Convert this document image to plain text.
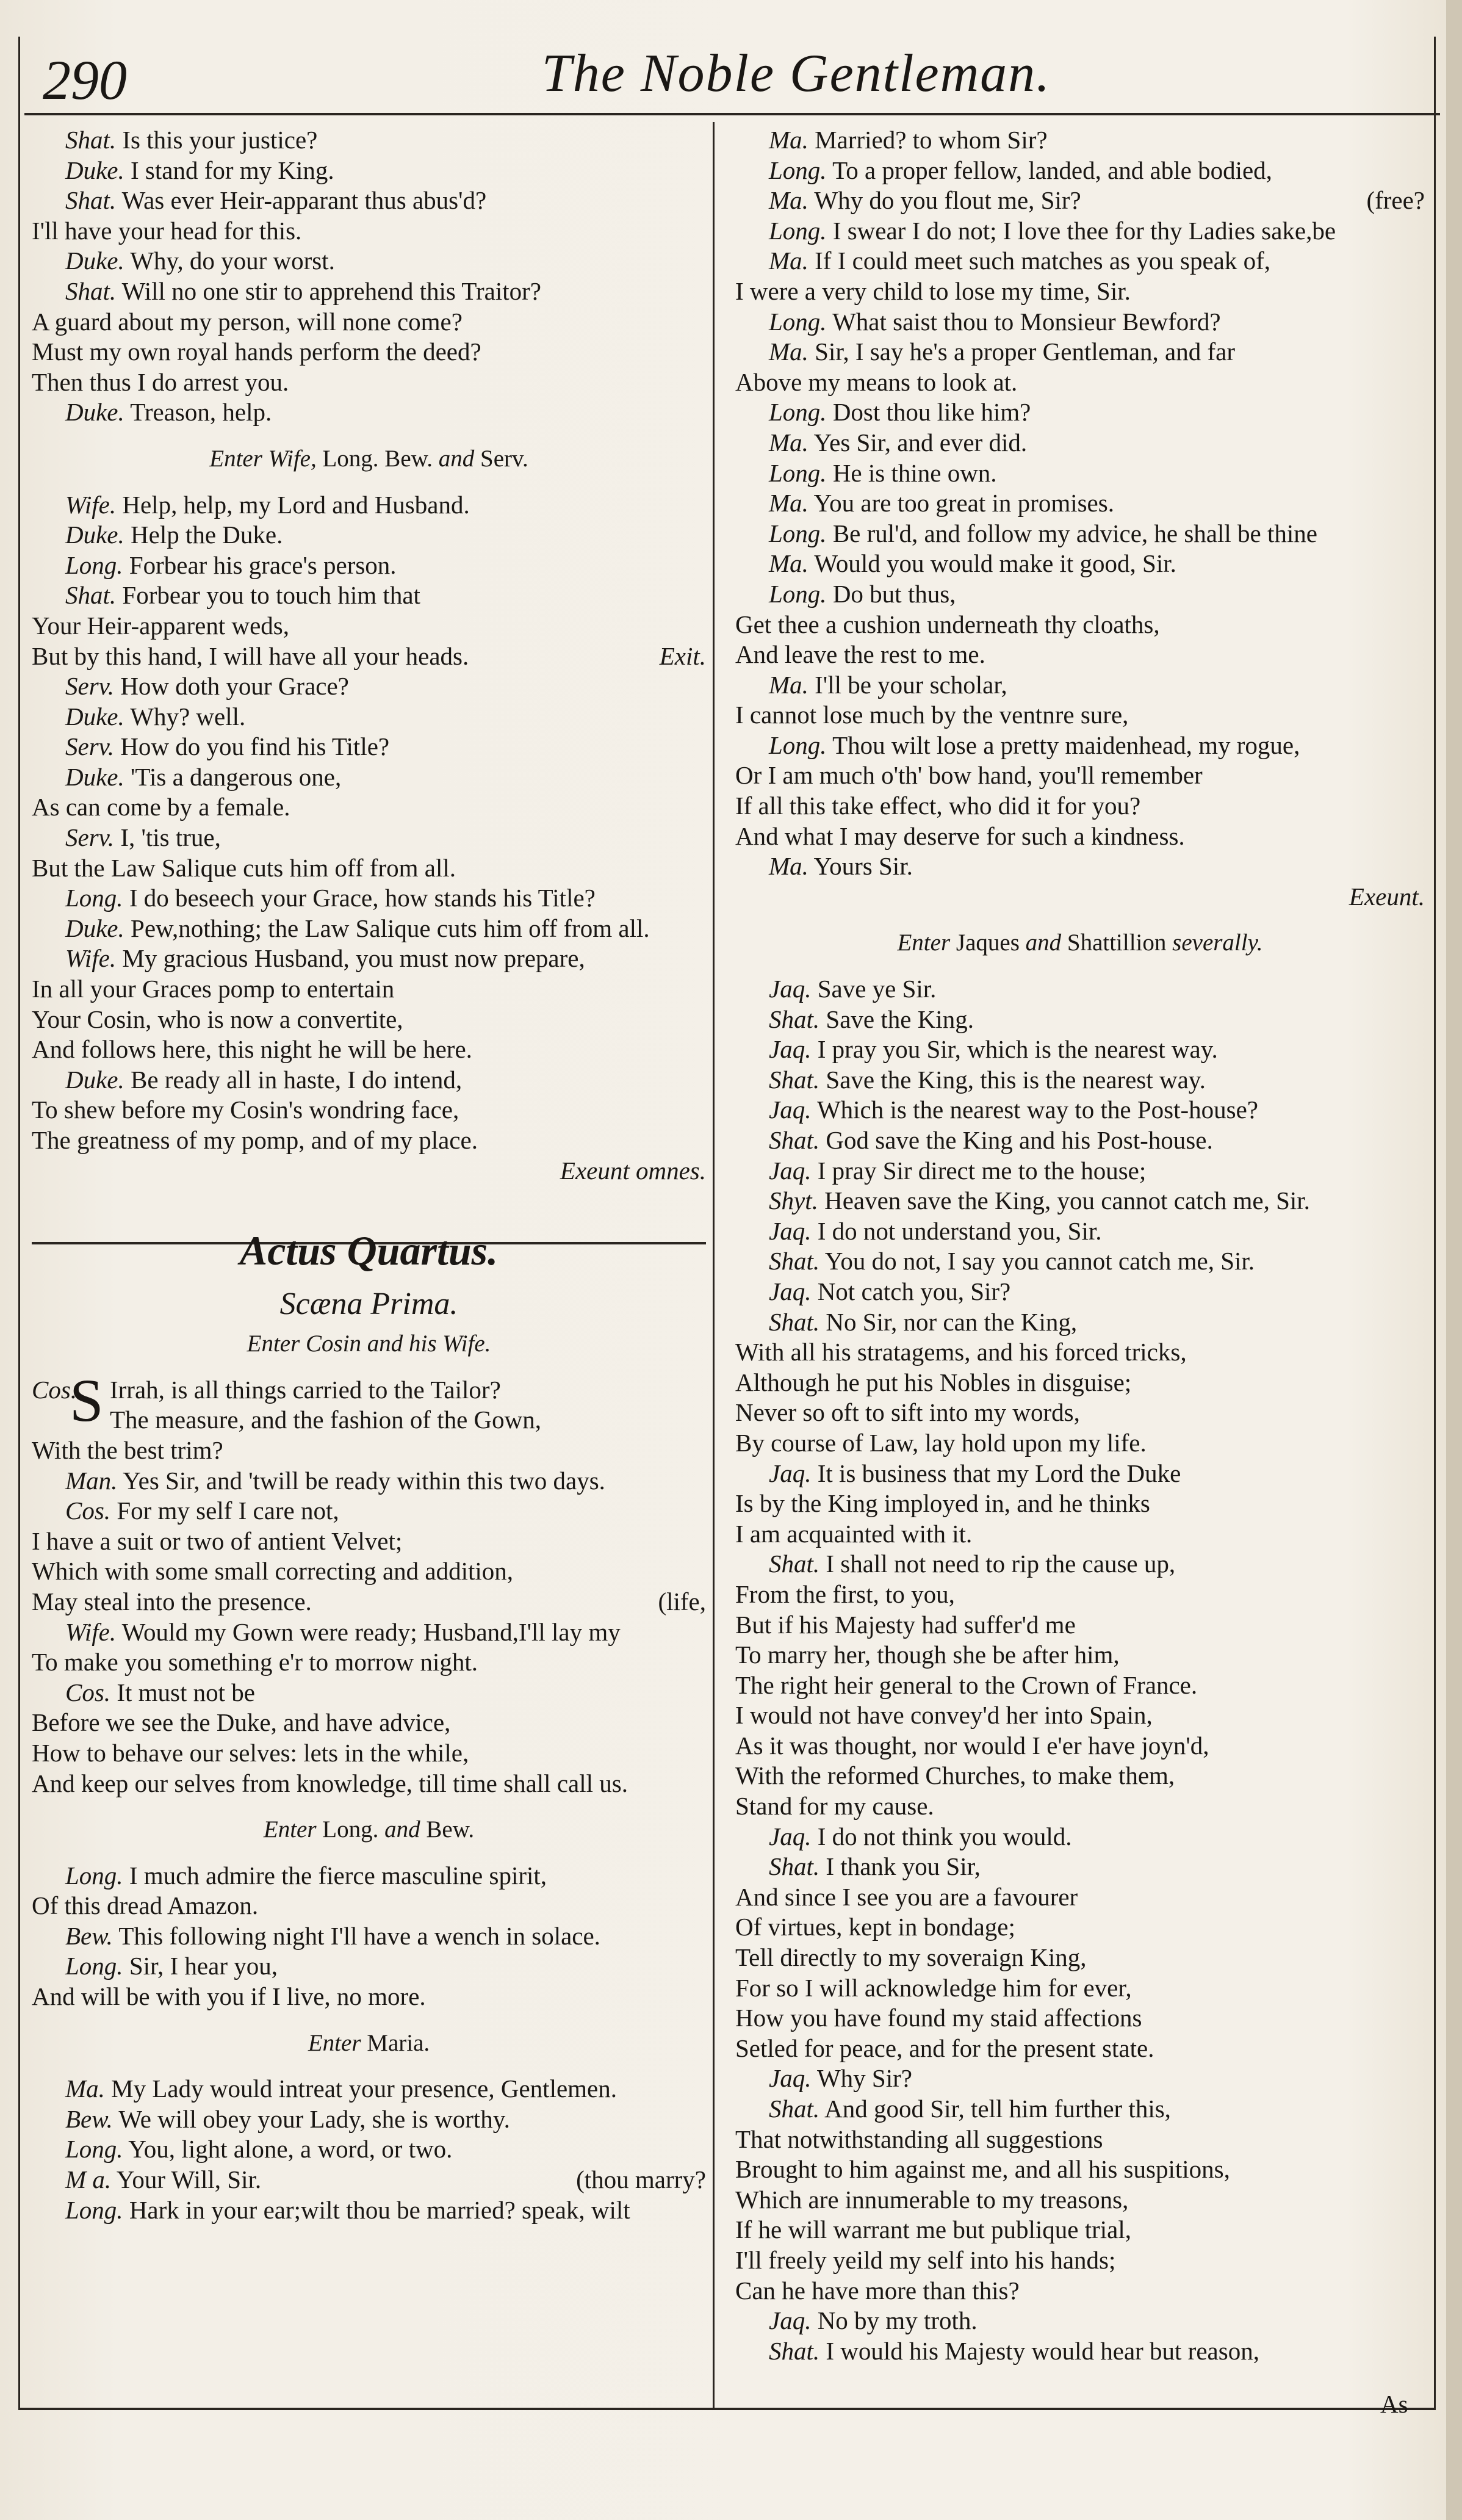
290	The Noble Gentleman.
Shat. Is this your justice?
Duke. I stand for my King.
Shat. Was ever Heir-apparant thus abus'd?
I'll have your head for this.
Duke. Why, do your worst.
Shat. Will no one stir to apprehend this Traitor?
A guard about my person, will none come?
Must my own royal hands perform the deed?
Then thus I do arrest you.
Duke. Treason, help.
Enter Wife, Long. Bew. and Serv.
Wife. Help, help, my Lord and Husband.
Duke. Help the Duke.
Long. Forbear his grace's person.
Shat. Forbear you to touch him that
Your Heir-apparent weds,
But by this hand, I will have all your heads.	Exit.
Serv. How doth your Grace?
Duke. Why? well.
Serv. How do you find his Title?
Duke. 'Tis a dangerous one,
As can come by a female.
Serv. I, 'tis true,
But the Law Salique cuts him off from all.
Long. I do beseech your Grace, how stands his Title?
Duke. Pew,nothing; the Law Salique cuts him off from all.
Wife. My gracious Husband, you must now prepare,
In all your Graces pomp to entertain
Your Cosin, who is now a convertite,
And follows here, this night he will be here.
Duke. Be ready all in haste, I do intend,
To shew before my Cosin's wondring face,
The greatness of my pomp, and of my place.
Exeunt omnes.
Actus Quartus.
Scæna Prima.
Enter Cosin and his Wife.
Cos.
S Irrah, is all things carried to the Tailor?
The measure, and the fashion of the Gown,
With the best trim?
Man. Yes Sir, and 'twill be ready within this two days.
Cos. For my self I care not,
I have a suit or two of antient Velvet;
Which with some small correcting and addition,
May steal into the presence.	(life,
Wife. Would my Gown were ready; Husband,I'll lay my
To make you something e'r to morrow night.
Cos. It must not be
Before we see the Duke, and have advice,
How to behave our selves: lets in the while,
And keep our selves from knowledge, till time shall call us.
Enter Long. and Bew.
Long. I much admire the fierce masculine spirit,
Of this dread Amazon.
Bew. This following night I'll have a wench in solace.
Long. Sir, I hear you,
And will be with you if I live, no more.
Enter Maria.
Ma. My Lady would intreat your presence, Gentlemen.
Bew. We will obey your Lady, she is worthy.
Long. You, light alone, a word, or two.
M a. Your Will, Sir.	(thou marry?
Long. Hark in your ear;wilt thou be married? speak, wilt
Ma. Married? to whom Sir?
Long. To a proper fellow, landed, and able bodied,
Ma. Why do you flout me, Sir?	(free?
Long. I swear I do not; I love thee for thy Ladies sake,be
Ma. If I could meet such matches as you speak of,
I were a very child to lose my time, Sir.
Long. What saist thou to Monsieur Bewford?
Ma. Sir, I say he's a proper Gentleman, and far
Above my means to look at.
Long. Dost thou like him?
Ma. Yes Sir, and ever did.
Long. He is thine own.
Ma. You are too great in promises.
Long. Be rul'd, and follow my advice, he shall be thine
Ma. Would you would make it good, Sir.
Long. Do but thus,
Get thee a cushion underneath thy cloaths,
And leave the rest to me.
Ma. I'll be your scholar,
I cannot lose much by the ventnre sure,
Long. Thou wilt lose a pretty maidenhead, my rogue,
Or I am much o'th' bow hand, you'll remember
If all this take effect, who did it for you?
And what I may deserve for such a kindness.
Ma. Yours Sir.
Exeunt.
Enter Jaques and Shattillion severally.
Jaq. Save ye Sir.
Shat. Save the King.
Jaq. I pray you Sir, which is the nearest way.
Shat. Save the King, this is the nearest way.
Jaq. Which is the nearest way to the Post-house?
Shat. God save the King and his Post-house.
Jaq. I pray Sir direct me to the house;
Shyt. Heaven save the King, you cannot catch me, Sir.
Jaq. I do not understand you, Sir.
Shat. You do not, I say you cannot catch me, Sir.
Jaq. Not catch you, Sir?
Shat. No Sir, nor can the King,
With all his stratagems, and his forced tricks,
Although he put his Nobles in disguise;
Never so oft to sift into my words,
By course of Law, lay hold upon my life.
Jaq. It is business that my Lord the Duke
Is by the King imployed in, and he thinks
I am acquainted with it.
Shat. I shall not need to rip the cause up,
From the first, to you,
But if his Majesty had suffer'd me
To marry her, though she be after him,
The right heir general to the Crown of France.
I would not have convey'd her into Spain,
As it was thought, nor would I e'er have joyn'd,
With the reformed Churches, to make them,
Stand for my cause.
Jaq. I do not think you would.
Shat. I thank you Sir,
And since I see you are a favourer
Of virtues, kept in bondage;
Tell directly to my soveraign King,
For so I will acknowledge him for ever,
How you have found my staid affections
Setled for peace, and for the present state.
Jaq. Why Sir?
Shat. And good Sir, tell him further this,
That notwithstanding all suggestions
Brought to him against me, and all his suspitions,
Which are innumerable to my treasons,
If he will warrant me but publique trial,
I'll freely yeild my self into his hands;
Can he have more than this?
Jaq. No by my troth.
Shat. I would his Majesty would hear but reason,
As
